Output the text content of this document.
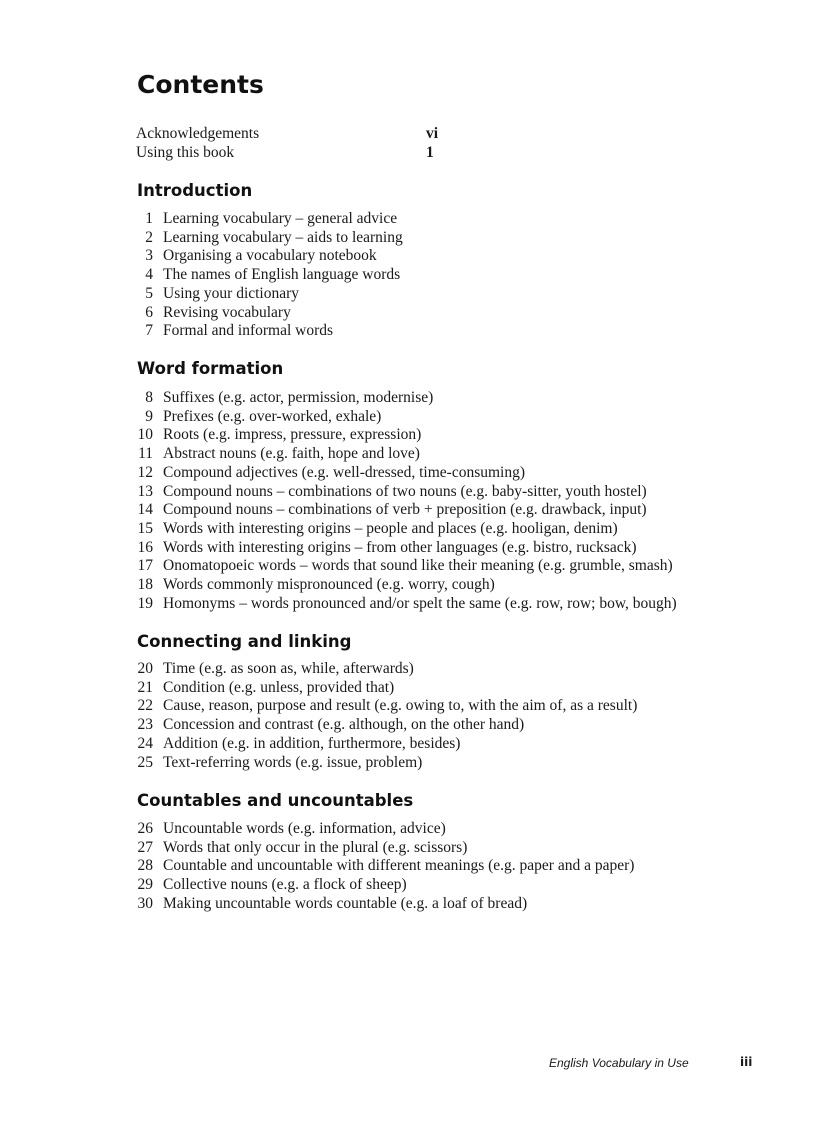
Contents
Acknowledgements	vi
Using this book	1
Introduction
1 Learning vocabulary – general advice
2 Learning vocabulary – aids to learning
3 Organising a vocabulary notebook
4 The names of English language words
5 Using your dictionary
6 Revising vocabulary
7 Formal and informal words
Word formation
8 Suffixes (e.g. actor, permission, modernise)
9 Prefixes (e.g. over-worked, exhale)
10 Roots (e.g. impress, pressure, expression)
11 Abstract nouns (e.g. faith, hope and love)
12 Compound adjectives (e.g. well-dressed, time-consuming)
13 Compound nouns – combinations of two nouns (e.g. baby-sitter, youth hostel)
14 Compound nouns – combinations of verb + preposition (e.g. drawback, input)
15 Words with interesting origins – people and places (e.g. hooligan, denim)
16 Words with interesting origins – from other languages (e.g. bistro, rucksack)
17 Onomatopoeic words – words that sound like their meaning (e.g. grumble, smash)
18 Words commonly mispronounced (e.g. worry, cough)
19 Homonyms – words pronounced and/or spelt the same (e.g. row, row; bow, bough)
Connecting and linking
20 Time (e.g. as soon as, while, afterwards)
21 Condition (e.g. unless, provided that)
22 Cause, reason, purpose and result (e.g. owing to, with the aim of, as a result)
23 Concession and contrast (e.g. although, on the other hand)
24 Addition (e.g. in addition, furthermore, besides)
25 Text-referring words (e.g. issue, problem)
Countables and uncountables
26 Uncountable words (e.g. information, advice)
27 Words that only occur in the plural (e.g. scissors)
28 Countable and uncountable with different meanings (e.g. paper and a paper)
29 Collective nouns (e.g. a flock of sheep)
30 Making uncountable words countable (e.g. a loaf of bread)
English Vocabulary in Use	iii
